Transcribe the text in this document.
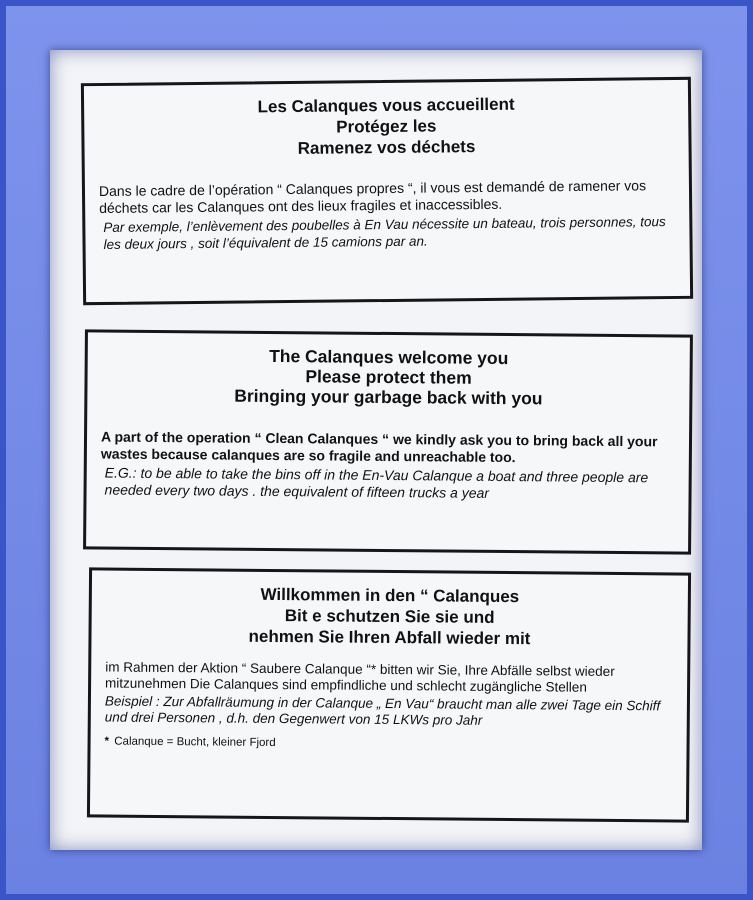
Les Calanques vous accueillent
Protégez les
Ramenez vos déchets
Dans le cadre de l’opération “ Calanques propres “, il vous est demandé de ramener vos déchets car les Calanques ont des lieux fragiles et inaccessibles.
Par exemple, l’enlèvement des poubelles à En Vau nécessite un bateau, trois personnes, tous les deux jours , soit l’équivalent de 15 camions par an.
The Calanques welcome you
Please protect them
Bringing your garbage back with you
A part of the operation “ Clean Calanques “ we kindly ask you to bring back all your wastes because calanques are so fragile and unreachable too.
E.G.: to be able to take the bins off in the En-Vau Calanque a boat and three people are needed every two days . the equivalent of fifteen trucks a year
Willkommen in den “ Calanques
Bit e schutzen Sie sie und
nehmen Sie Ihren Abfall wieder mit
im Rahmen der Aktion “ Saubere Calanque “* bitten wir Sie, Ihre Abfälle selbst wieder mitzunehmen Die Calanques sind empfindliche und schlecht zugängliche Stellen
Beispiel : Zur Abfallräumung in der Calanque „ En Vau“ braucht man alle zwei Tage ein Schiff und drei Personen , d.h. den Gegenwert von 15 LKWs pro Jahr
* Calanque = Bucht, kleiner Fjord
